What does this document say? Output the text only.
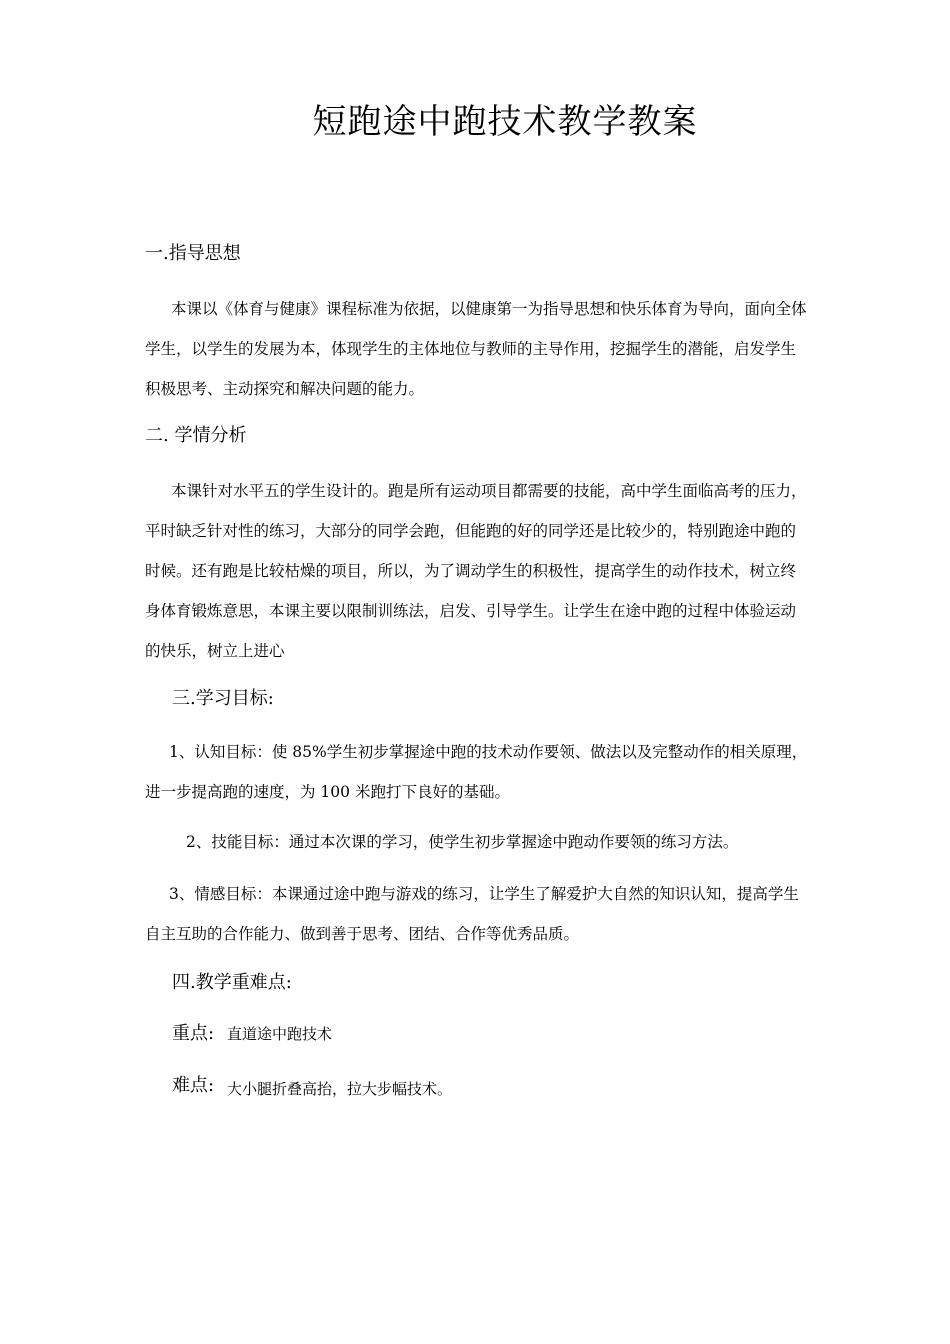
短跑途中跑技术教学教案
一.指导思想
本课以《体育与健康》课程标准为依据，以健康第一为指导思想和快乐体育为导向，面向全体学生，以学生的发展为本，体现学生的主体地位与教师的主导作用，挖掘学生的潜能，启发学生积极思考、主动探究和解决问题的能力。
二. 学情分析
本课针对水平五的学生设计的。跑是所有运动项目都需要的技能，高中学生面临高考的压力，平时缺乏针对性的练习，大部分的同学会跑，但能跑的好的同学还是比较少的，特别跑途中跑的时候。还有跑是比较枯燥的项目，所以，为了调动学生的积极性，提高学生的动作技术，树立终身体育锻炼意思，本课主要以限制训练法，启发、引导学生。让学生在途中跑的过程中体验运动的快乐，树立上进心
三.学习目标:
1、认知目标：使 85%学生初步掌握途中跑的技术动作要领、做法以及完整动作的相关原理，进一步提高跑的速度，为 100 米跑打下良好的基础。
2、技能目标：通过本次课的学习，使学生初步掌握途中跑动作要领的练习方法。
3、情感目标：本课通过途中跑与游戏的练习，让学生了解爱护大自然的知识认知，提高学生自主互助的合作能力、做到善于思考、团结、合作等优秀品质。
四.教学重难点:
重点: 直道途中跑技术
难点: 大小腿折叠高抬，拉大步幅技术。
